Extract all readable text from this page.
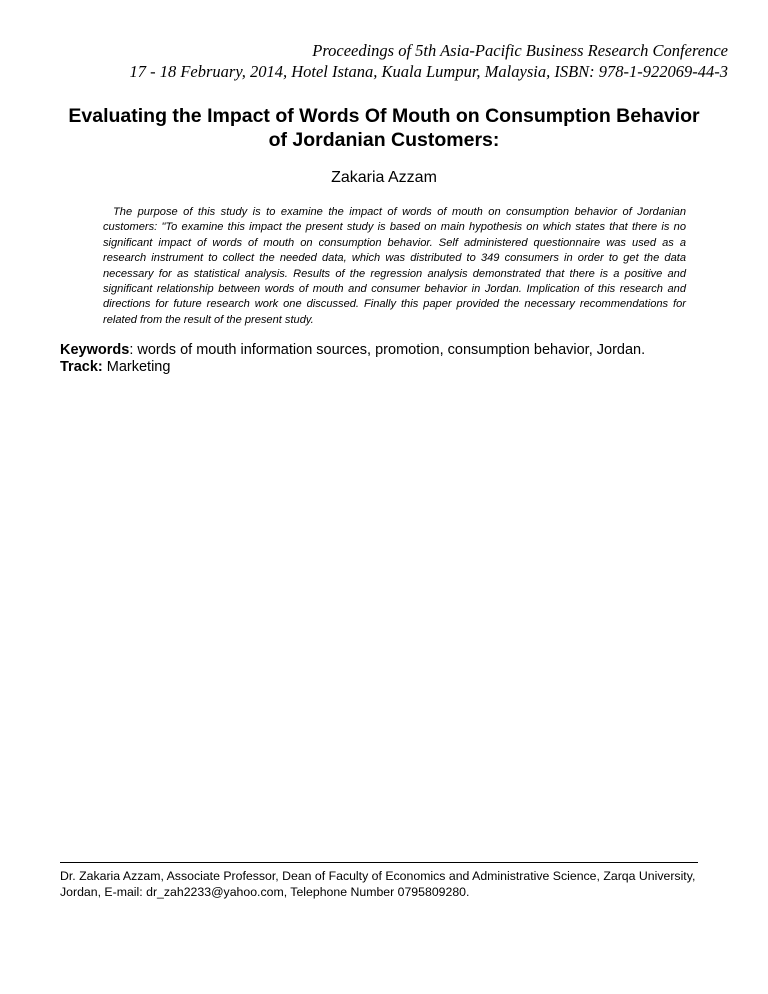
Proceedings of 5th Asia-Pacific Business Research Conference
17 - 18 February, 2014, Hotel Istana, Kuala Lumpur, Malaysia, ISBN: 978-1-922069-44-3
Evaluating the Impact of Words Of Mouth on Consumption Behavior
of Jordanian Customers:
Zakaria Azzam

The purpose of this study is to examine the impact of words of mouth on consumption behavior of Jordanian customers: "To examine this impact the present study is based on main hypothesis on which states that there is no significant impact of words of mouth on consumption behavior. Self administered questionnaire was used as a research instrument to collect the needed data, which was distributed to 349 consumers in order to get the data necessary for as statistical analysis. Results of the regression analysis demonstrated that there is a positive and significant relationship between words of mouth and consumer behavior in Jordan. Implication of this research and directions for future research work one discussed. Finally this paper provided the necessary recommendations for related from the result of the present study.

Keywords: words of mouth information sources, promotion, consumption behavior, Jordan.

Track: Marketing

Dr. Zakaria Azzam, Associate Professor, Dean of Faculty of Economics and Administrative Science, Zarqa University,
Jordan, E-mail: dr_zah2233@yahoo.com, Telephone Number 0795809280.
